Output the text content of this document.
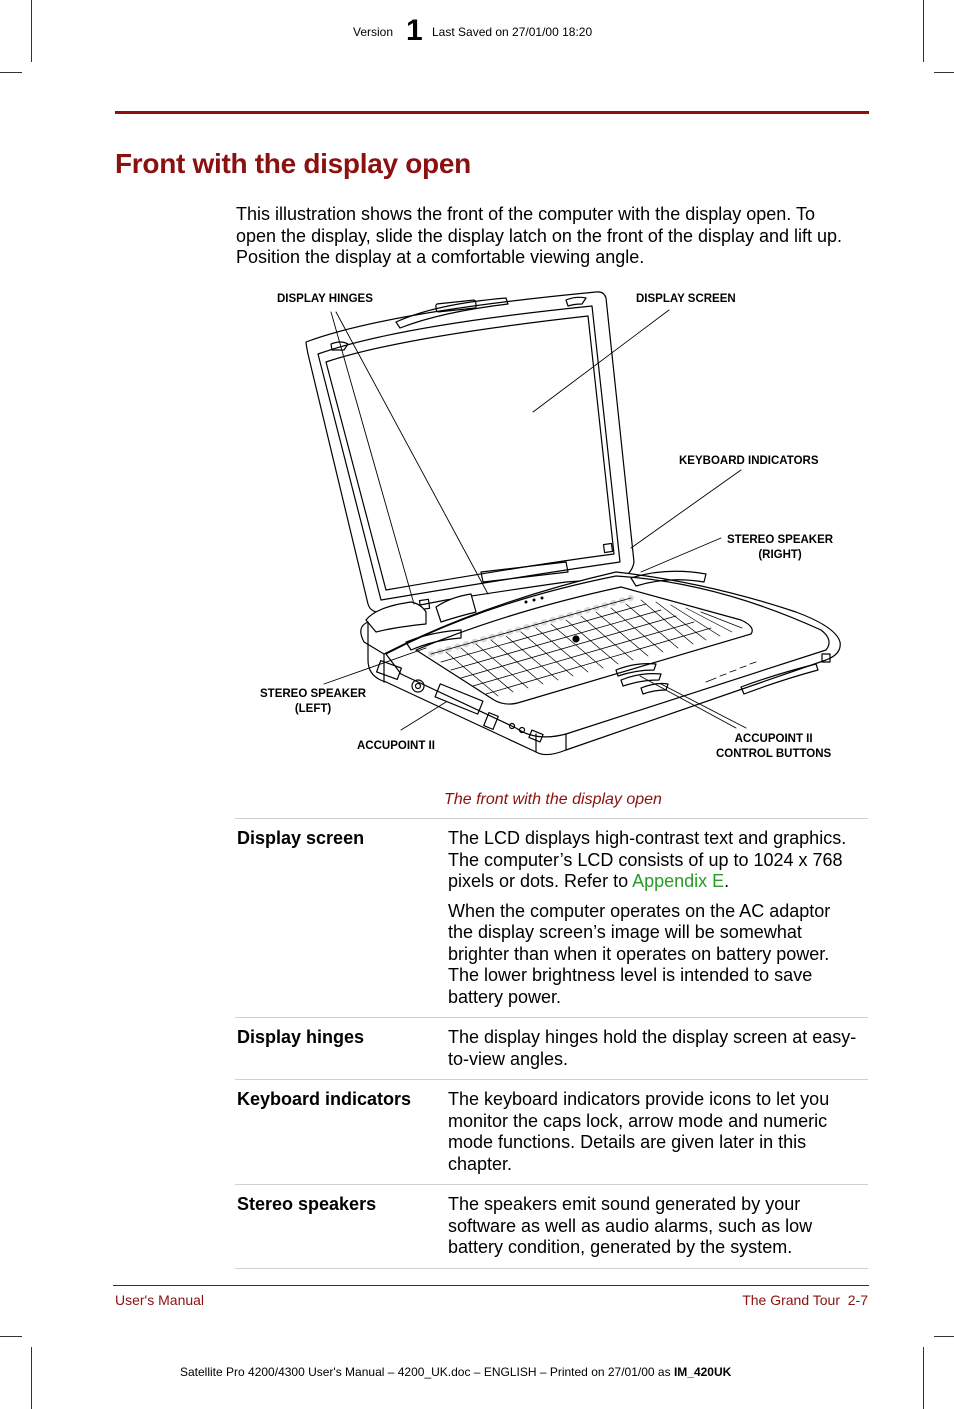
Version 1 Last Saved on 27/01/00 18:20
Front with the display open

This illustration shows the front of the computer with the display open. To open the display, slide the display latch on the front of the display and lift up. Position the display at a comfortable viewing angle.

DISPLAY HINGES	DISPLAY SCREEN
KEYBOARD INDICATORS
STEREO SPEAKER
(RIGHT)
STEREO SPEAKER
(LEFT)
ACCUPOINT II
ACCUPOINT II
CONTROL BUTTONS
The front with the display open
Display screen	The LCD displays high-contrast text and graphics. The computer’s LCD consists of up to 1024 x 768 pixels or dots. Refer to Appendix E.

When the computer operates on the AC adaptor the display screen’s image will be somewhat brighter than when it operates on battery power. The lower brightness level is intended to save battery power.

Display hinges	The display hinges hold the display screen at easy-to-view angles.

Keyboard indicators	The keyboard indicators provide icons to let you monitor the caps lock, arrow mode and numeric mode functions. Details are given later in this chapter.

Stereo speakers	The speakers emit sound generated by your software as well as audio alarms, such as low battery condition, generated by the system.

User's Manual	The Grand Tour  2-7
Satellite Pro 4200/4300 User's Manual – 4200_UK.doc – ENGLISH – Printed on 27/01/00 as IM_420UK
